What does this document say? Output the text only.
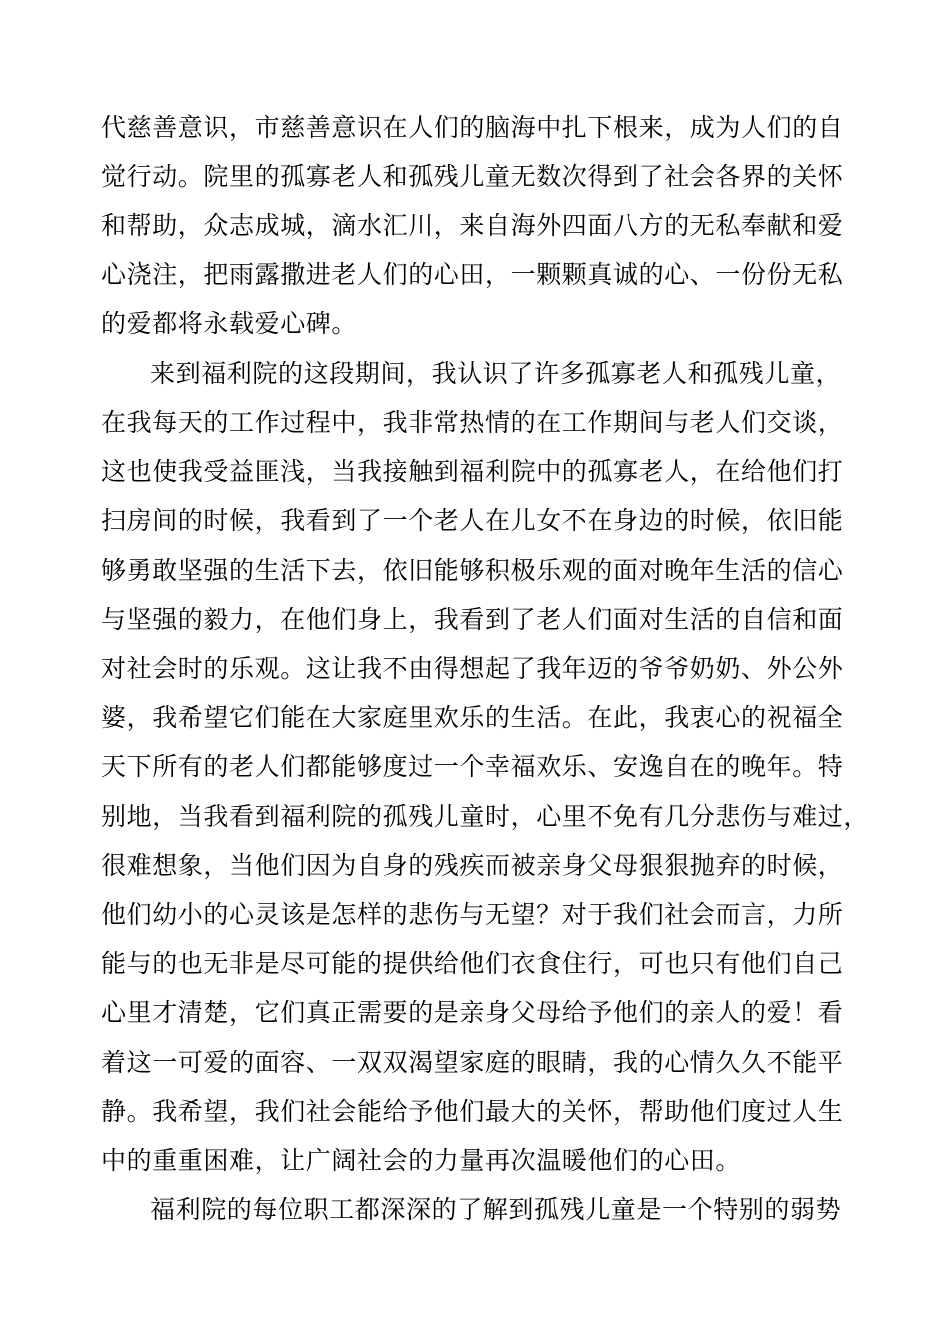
代慈善意识，市慈善意识在人们的脑海中扎下根来，成为人们的自

觉行动。院里的孤寡老人和孤残儿童无数次得到了社会各界的关怀

和帮助，众志成城，滴水汇川，来自海外四面八方的无私奉献和爱

心浇注，把雨露撒进老人们的心田，一颗颗真诚的心、一份份无私

的爱都将永载爱心碑。

来到福利院的这段期间，我认识了许多孤寡老人和孤残儿童，

在我每天的工作过程中，我非常热情的在工作期间与老人们交谈，

这也使我受益匪浅，当我接触到福利院中的孤寡老人，在给他们打

扫房间的时候，我看到了一个老人在儿女不在身边的时候，依旧能

够勇敢坚强的生活下去，依旧能够积极乐观的面对晚年生活的信心

与坚强的毅力，在他们身上，我看到了老人们面对生活的自信和面

对社会时的乐观。这让我不由得想起了我年迈的爷爷奶奶、外公外

婆，我希望它们能在大家庭里欢乐的生活。在此，我衷心的祝福全

天下所有的老人们都能够度过一个幸福欢乐、安逸自在的晚年。特

别地，当我看到福利院的孤残儿童时，心里不免有几分悲伤与难过，

很难想象，当他们因为自身的残疾而被亲身父母狠狠抛弃的时候，

他们幼小的心灵该是怎样的悲伤与无望？对于我们社会而言，力所

能与的也无非是尽可能的提供给他们衣食住行，可也只有他们自己

心里才清楚，它们真正需要的是亲身父母给予他们的亲人的爱！看

着这一可爱的面容、一双双渴望家庭的眼睛，我的心情久久不能平

静。我希望，我们社会能给予他们最大的关怀，帮助他们度过人生

中的重重困难，让广阔社会的力量再次温暖他们的心田。

福利院的每位职工都深深的了解到孤残儿童是一个特别的弱势
